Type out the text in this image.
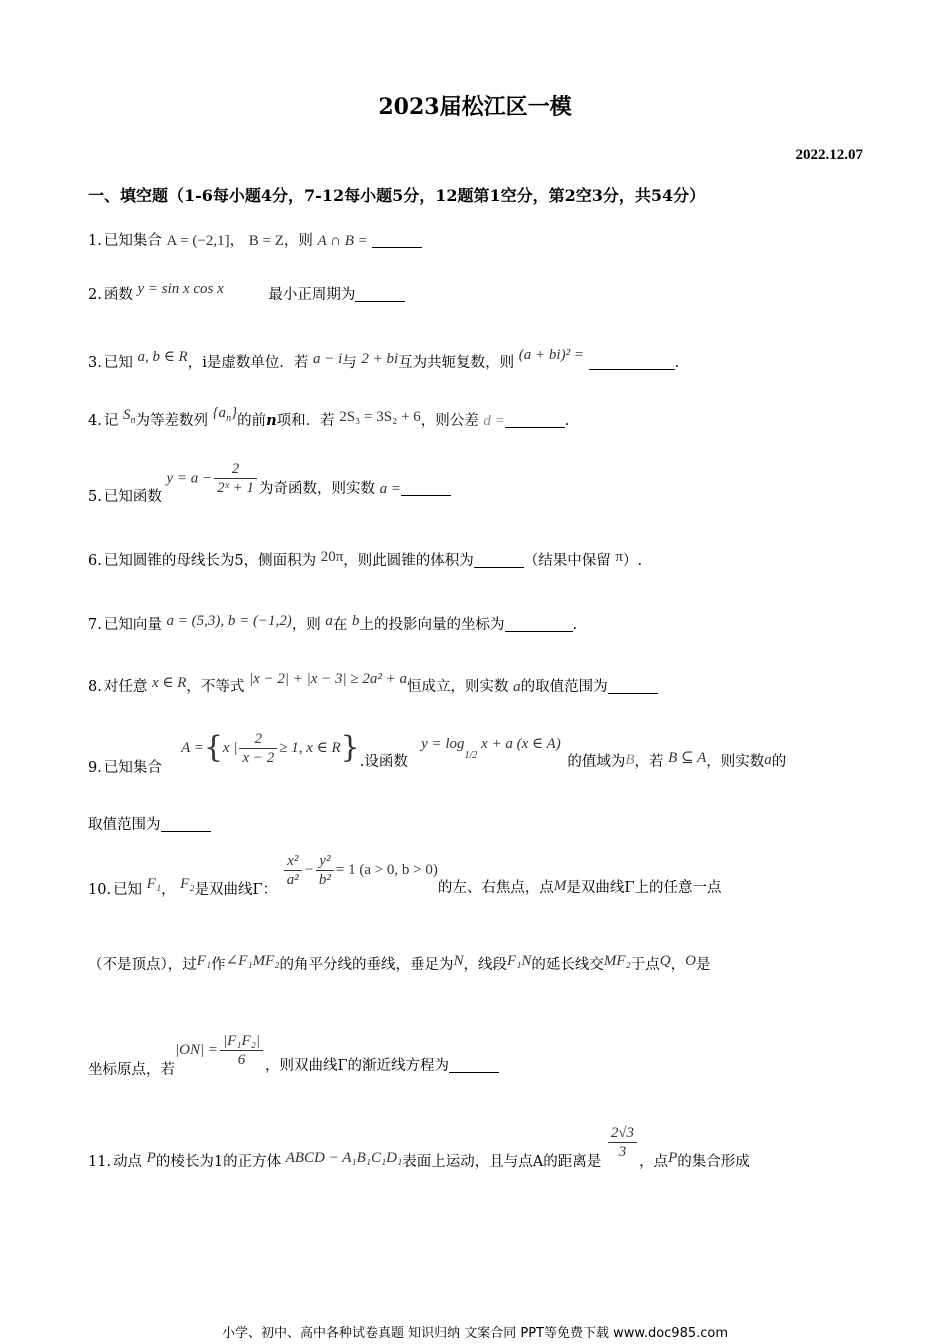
2023届松江区一模
2022.12.07
一、填空题（1-6每小题4分，7-12每小题5分，12题第1空分，第2空3分，共54分）
1. 已知集合 A = (−2,1]， B = Z，则 A ∩ B =
2. 函数 y = sin x cos x	最小正周期为
3. 已知 a, b ∈ R，i是虚数单位．若 a − i与 2 + bi互为共轭复数，则 (a + bi)² =	.
4. 记 $S_n$为等差数列 $\{a_n\}$的前n项和．若 2S₃ = 3S₂ + 6，则公差 d =	.
5. 已知函数 $y = a - \frac{2}{\text{2ˣ + 1}}$ 为奇函数，则实数 a =
6. 已知圆锥的母线长为5，侧面积为 20π，则此圆锥的体积为	（结果中保留 π）.
7. 已知向量 a = (5,3), b = (−1,2)，则 a在 b上的投影向量的坐标为	.
8. 对任意 x ∈ R，不等式 |x − 2| + |x − 3| ≥ 2a² + a恒成立，则实数 a的取值范围为
9. 已知集合  A ={x | $\frac{2}{x - 2} \ge 1$, x ∈ R}.设函数  $y = \log_{1/2} x + a$ (x ∈ A) 的值域为B，若 B ⊆ A，则实数a的
取值范围为
10. 已知 F₁， F₂是双曲线Γ：
$\frac{\text{x²}}{\text{a²}} - \frac{\text{y²}}{\text{b²}} = 1$ (a > 0, b > 0)的左、右焦点，点M是双曲线Γ上的任意一点
（不是顶点），过F₁作∠F₁MF₂的角平分线的垂线，垂足为N，线段F₁N的延长线交MF₂于点Q，O是
坐标原点，若$|ON| = \frac{\text{|F₁F₂|}}{6}$ ，则双曲线Γ的渐近线方程为
11. 动点 P的棱长为1的正方体 ABCD − A₁B₁C₁D₁表面上运动，且与点A的距离是
$\frac{2√3}{3}$
，点P的集合形成
小学、初中、高中各种试卷真题 知识归纳 文案合同 PPT等免费下载 www.doc985.com
